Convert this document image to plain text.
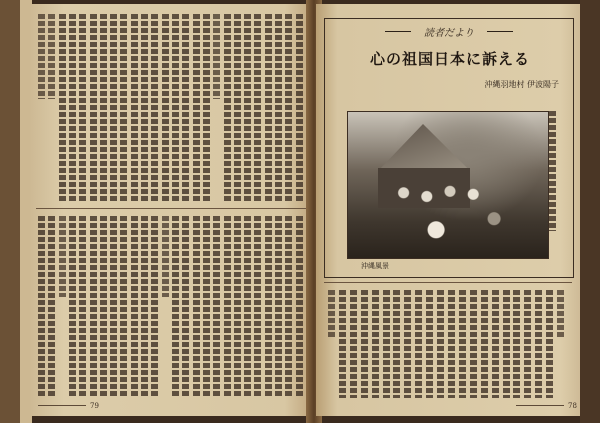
79
読者だより
心の祖国日本に訴える
沖縄羽地村 伊波陽子
沖縄風景
78
